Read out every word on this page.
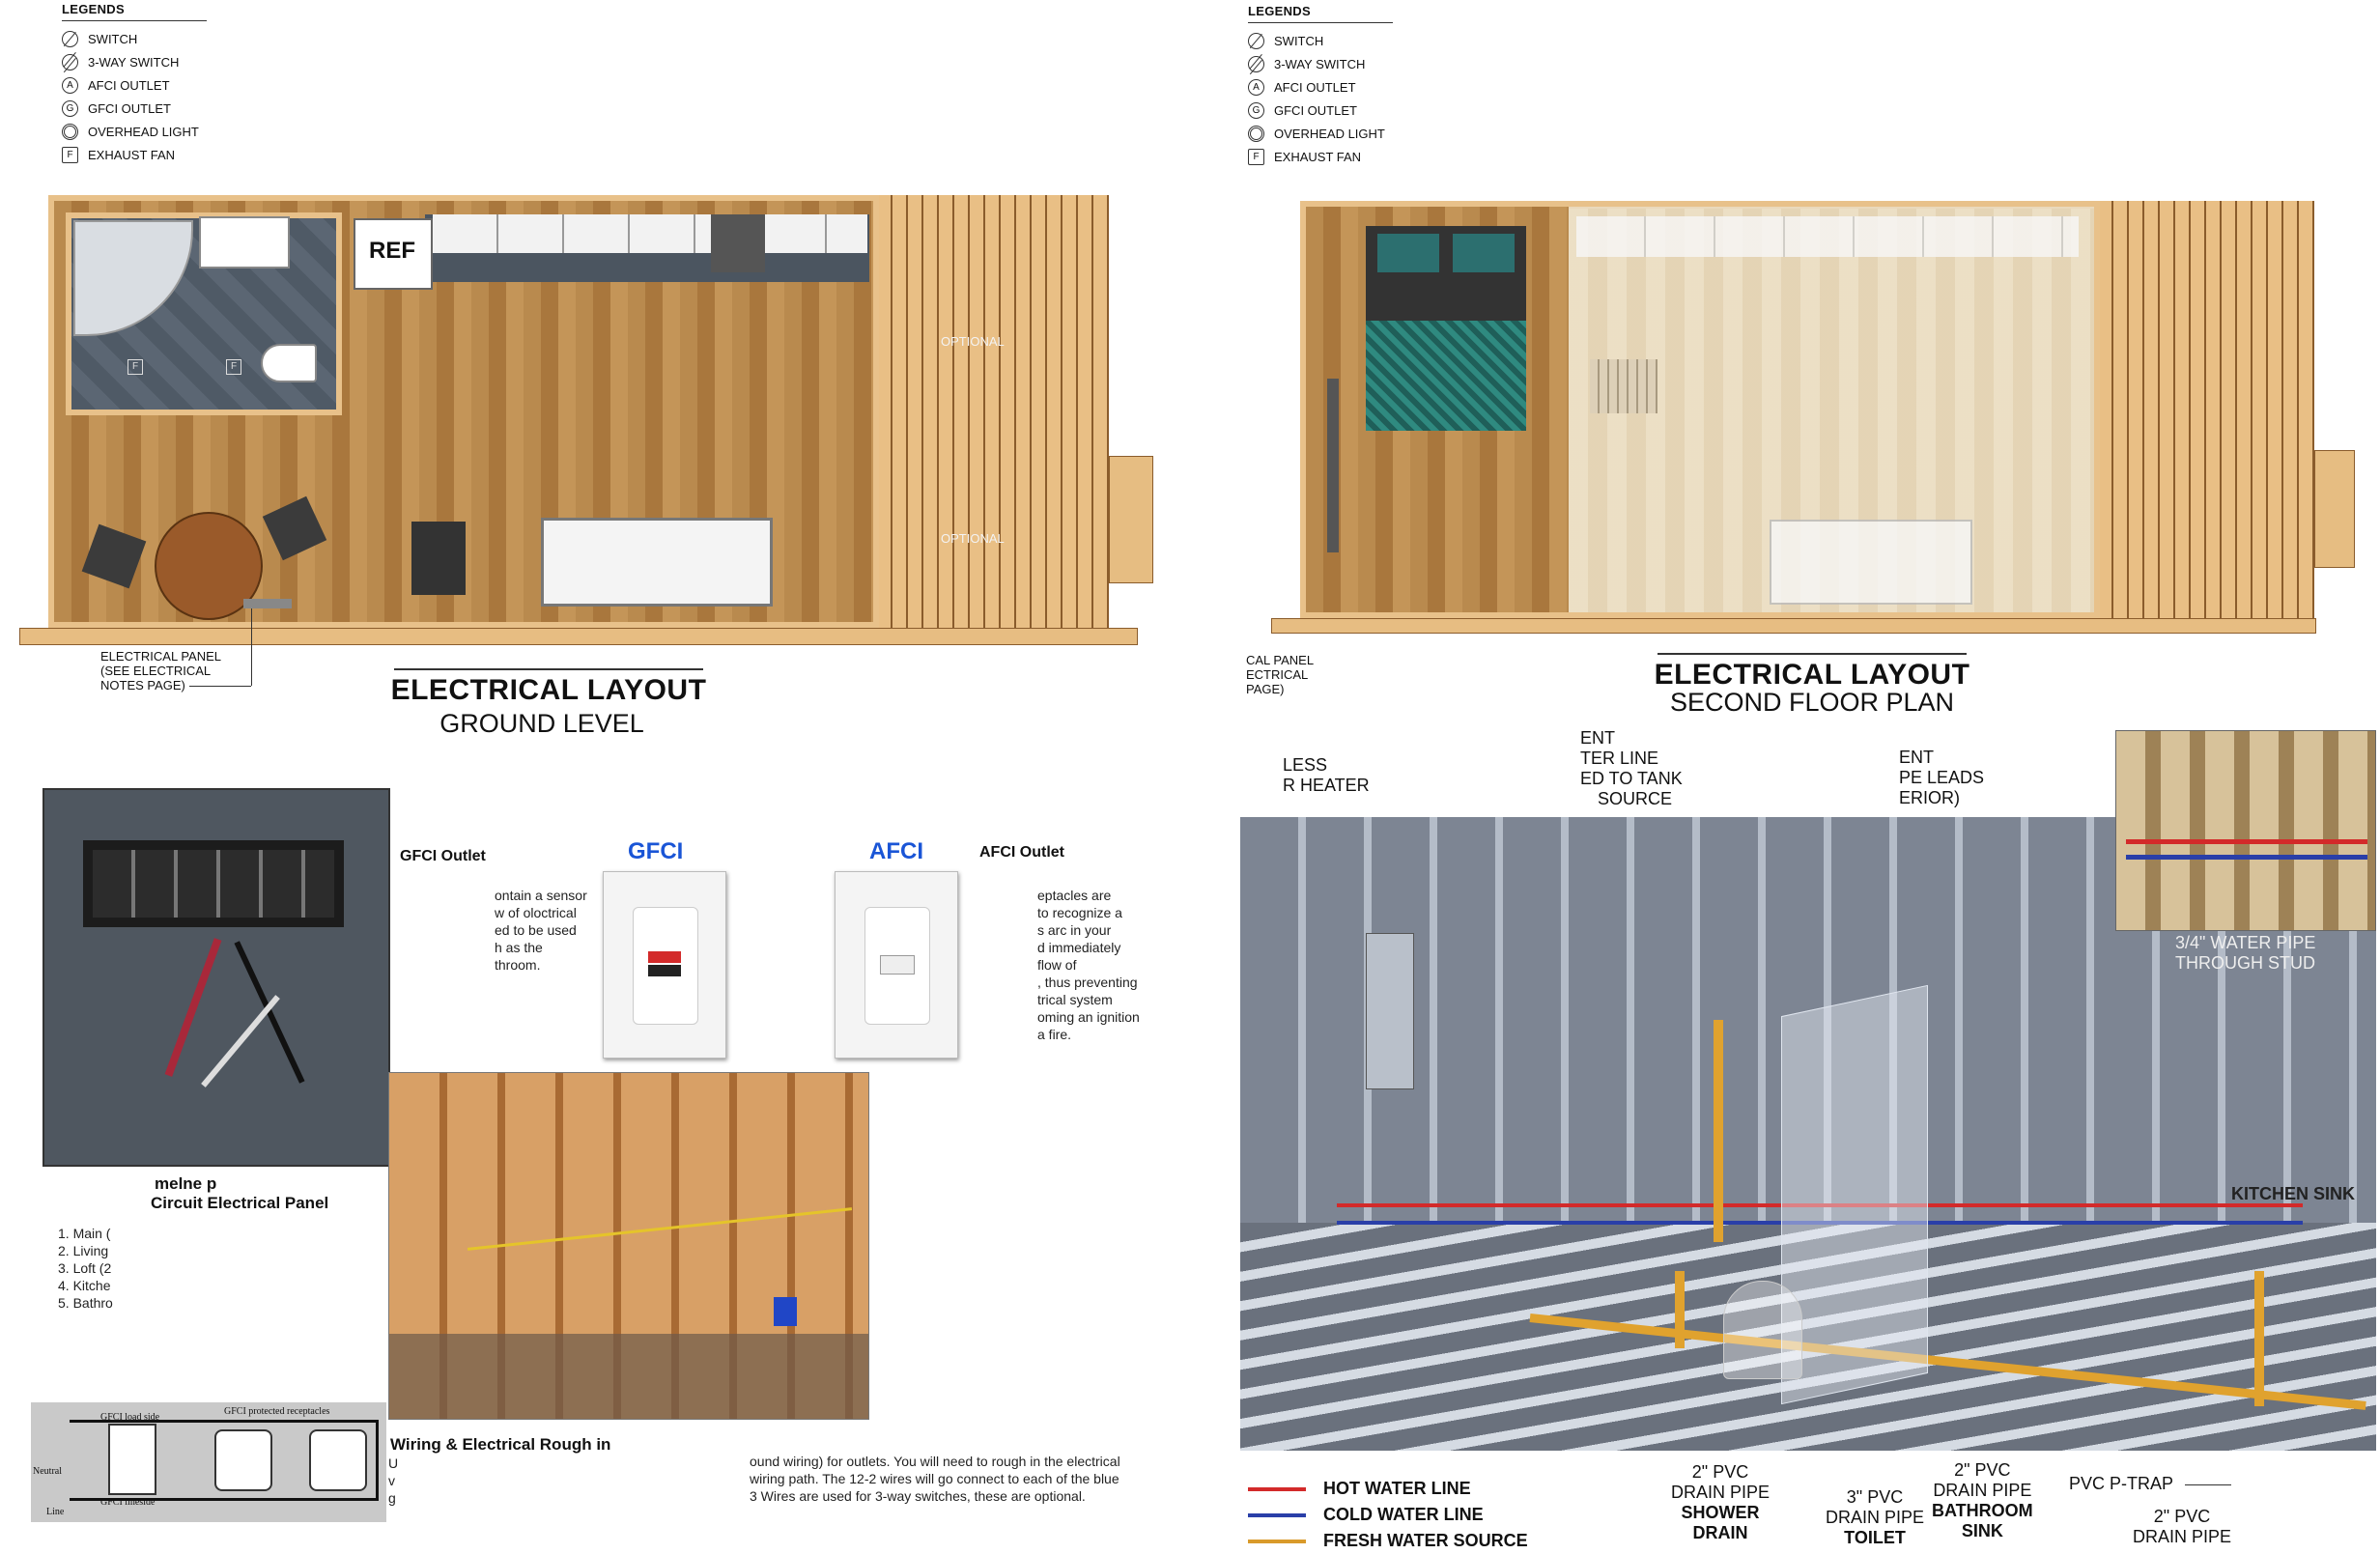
LEGENDS
SWITCH
3-WAY SWITCH
A	AFCI OUTLET
G	GFCI OUTLET
OVERHEAD LIGHT
F	EXHAUST FAN
LEGENDS
SWITCH
3-WAY SWITCH
A	AFCI OUTLET
G	GFCI OUTLET
OVERHEAD LIGHT
F	EXHAUST FAN
F	F
REF
OPTIONAL
OPTIONAL
ELECTRICAL PANEL
(SEE ELECTRICAL
NOTES PAGE)	ELECTRICAL LAYOUT
GROUND LEVEL
CAL PANEL
ECTRICAL
PAGE)	ELECTRICAL LAYOUT
SECOND FLOOR PLAN
melne p
Circuit Electrical Panel
1. Main (
2. Living
3. Loft (2
4. Kitche
5. Bathro
GFCI load side
GFCI protected receptacles
Neutral
Line
GFCI lineside
GFCI Outlet	GFCI	AFCI	AFCI Outlet
ontain a sensor
w of oloctrical
ed to be used
h as the
throom.
eptacles are
to recognize a
s arc in your
d immediately
flow of
, thus preventing
trical system
oming an ignition
a fire.
Wiring & Electrical Rough in
U
v
g
ound wiring) for outlets. You will need to rough in the electrical
wiring path. The 12-2 wires will go connect to each of the blue
3 Wires are used for 3-way switches, these are optional.
LESS
R HEATER
ENT
TER LINE
ED TO TANK
SOURCE
ENT
PE LEADS
ERIOR)
3/4" WATER PIPE
THROUGH STUD
KITCHEN SINK
HOT WATER LINE
COLD WATER LINE
FRESH WATER SOURCE
2" PVC
DRAIN PIPE
SHOWER
DRAIN
3" PVC
DRAIN PIPE
TOILET
2" PVC
DRAIN PIPE
BATHROOM
SINK
PVC P-TRAP
2" PVC
DRAIN PIPE
